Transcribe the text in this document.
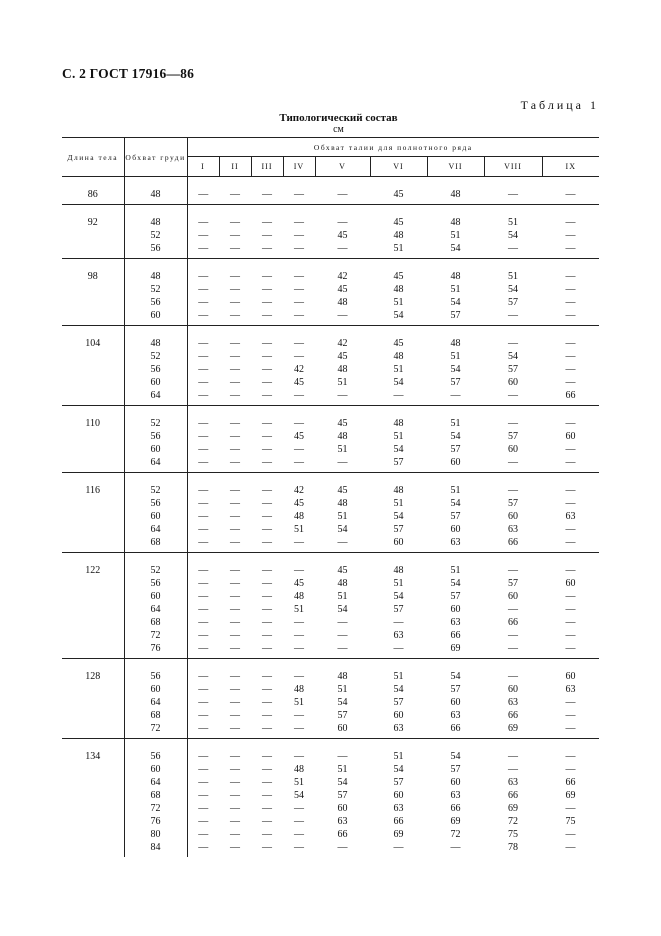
С. 2 ГОСТ 17916—86
Таблица 1
Типологический состав
см
Длина тела	Обхват груди	Обхват талии для полнотного ряда								
		I	II	III	IV	V	VI	VII	VIII	IX

86	48	—	—	—	—	—	45	48	—	—

92	48	—	—	—	—	—	45	48	51	—
	52	—	—	—	—	45	48	51	54	—
	56	—	—	—	—	—	51	54	—	—

98	48	—	—	—	—	42	45	48	51	—
	52	—	—	—	—	45	48	51	54	—
	56	—	—	—	—	48	51	54	57	—
	60	—	—	—	—	—	54	57	—	—

104	48	—	—	—	—	42	45	48	—	—
	52	—	—	—	—	45	48	51	54	—
	56	—	—	—	42	48	51	54	57	—
	60	—	—	—	45	51	54	57	60	—
	64	—	—	—	—	—	—	—	—	66

110	52	—	—	—	—	45	48	51	—	—
	56	—	—	—	45	48	51	54	57	60
	60	—	—	—	—	51	54	57	60	—
	64	—	—	—	—	—	57	60	—	—

116	52	—	—	—	42	45	48	51	—	—
	56	—	—	—	45	48	51	54	57	—
	60	—	—	—	48	51	54	57	60	63
	64	—	—	—	51	54	57	60	63	—
	68	—	—	—	—	—	60	63	66	—

122	52	—	—	—	—	45	48	51	—	—
	56	—	—	—	45	48	51	54	57	60
	60	—	—	—	48	51	54	57	60	—
	64	—	—	—	51	54	57	60	—	—
	68	—	—	—	—	—	—	63	66	—
	72	—	—	—	—	—	63	66	—	—
	76	—	—	—	—	—	—	69	—	—

128	56	—	—	—	—	48	51	54	—	60
	60	—	—	—	48	51	54	57	60	63
	64	—	—	—	51	54	57	60	63	—
	68	—	—	—	—	57	60	63	66	—
	72	—	—	—	—	60	63	66	69	—

134	56	—	—	—	—	—	51	54	—	—
	60	—	—	—	48	51	54	57	—	—
	64	—	—	—	51	54	57	60	63	66
	68	—	—	—	54	57	60	63	66	69
	72	—	—	—	—	60	63	66	69	—
	76	—	—	—	—	63	66	69	72	75
	80	—	—	—	—	66	69	72	75	—
	84	—	—	—	—	—	—	—	78	—
